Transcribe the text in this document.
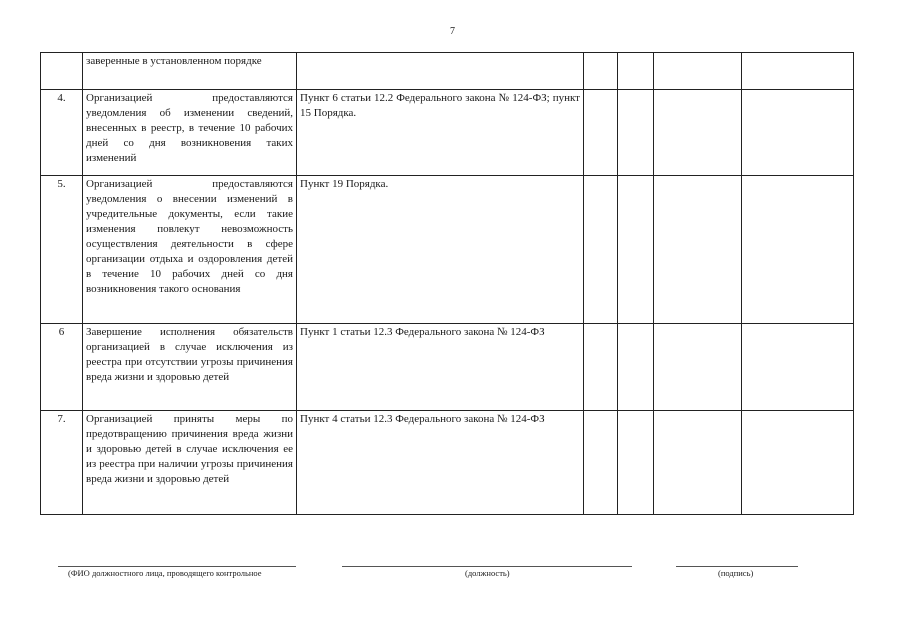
7

	заверенные в установленном порядке					

4.	Организацией предоставляются уведомления об изменении сведений, внесенных в реестр, в течение 10 рабочих дней со дня возникновения таких изменений	Пункт 6 статьи 12.2 Федерального закона № 124-ФЗ; пункт 15 Порядка.				

5.	Организацией предоставляются уведомления о внесении изменений в учредительные документы, если такие изменения повлекут невозможность осуществления деятельности в сфере организации отдыха и оздоровления детей в течение 10 рабочих дней со дня возникновения такого основания	Пункт 19 Порядка.				

6	Завершение исполнения обязательств организацией в случае исключения из реестра при отсутствии угрозы причинения вреда жизни и здоровью детей	Пункт 1 статьи 12.3 Федерального закона № 124-ФЗ				

7.	Организацией приняты меры по предотвращению причинения вреда жизни и здоровью детей в случае исключения ее из реестра при наличии угрозы причинения вреда жизни и здоровью детей	Пункт 4 статьи 12.3 Федерального закона № 124-ФЗ				

(ФИО должностного лица, проводящего контрольное	(должность)	(подпись)
